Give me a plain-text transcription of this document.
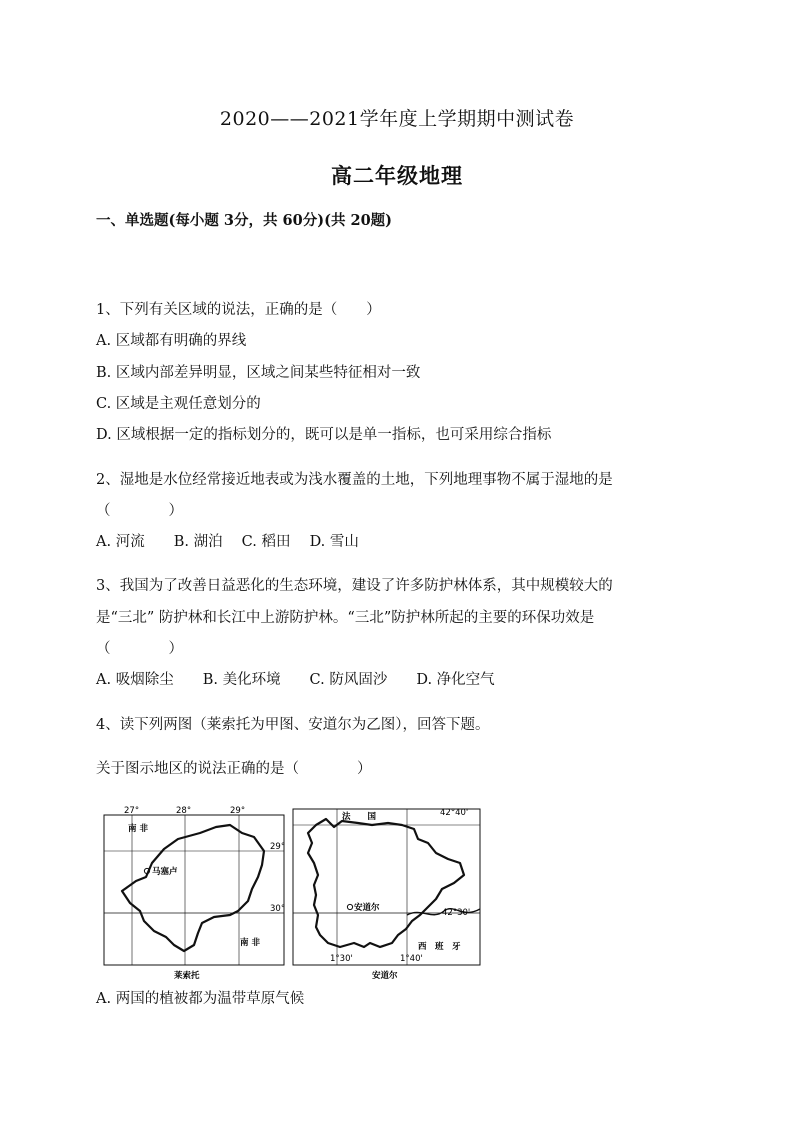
2020——2021学年度上学期期中测试卷
高二年级地理
一、单选题(每小题 3分，共 60分)(共 20题)
1、下列有关区域的说法，正确的是（　　）
A. 区域都有明确的界线
B. 区域内部差异明显，区域之间某些特征相对一致
C. 区域是主观任意划分的
D. 区域根据一定的指标划分的，既可以是单一指标，也可采用综合指标
2、湿地是水位经常接近地表或为浅水覆盖的土地，下列地理事物不属于湿地的是
（　　　　）
A. 河流　　B. 湖泊　 C. 稻田　 D. 雪山
3、我国为了改善日益恶化的生态环境，建设了许多防护林体系，其中规模较大的
是“三北” 防护林和长江中上游防护林。“三北”防护林所起的主要的环保功效是
（　　　　）
A. 吸烟除尘　　B. 美化环境　　C. 防风固沙　　D. 净化空气
4、读下列两图（莱索托为甲图、安道尔为乙图），回答下题。
关于图示地区的说法正确的是（　　　　）
马塞卢
27°	28°	29°
29°
30°
南 非
南 非
莱索托
安道尔
42°40'
42°30'
1°30'	1°40'
法　　国
西　班　牙
安道尔
A. 两国的植被都为温带草原气候
